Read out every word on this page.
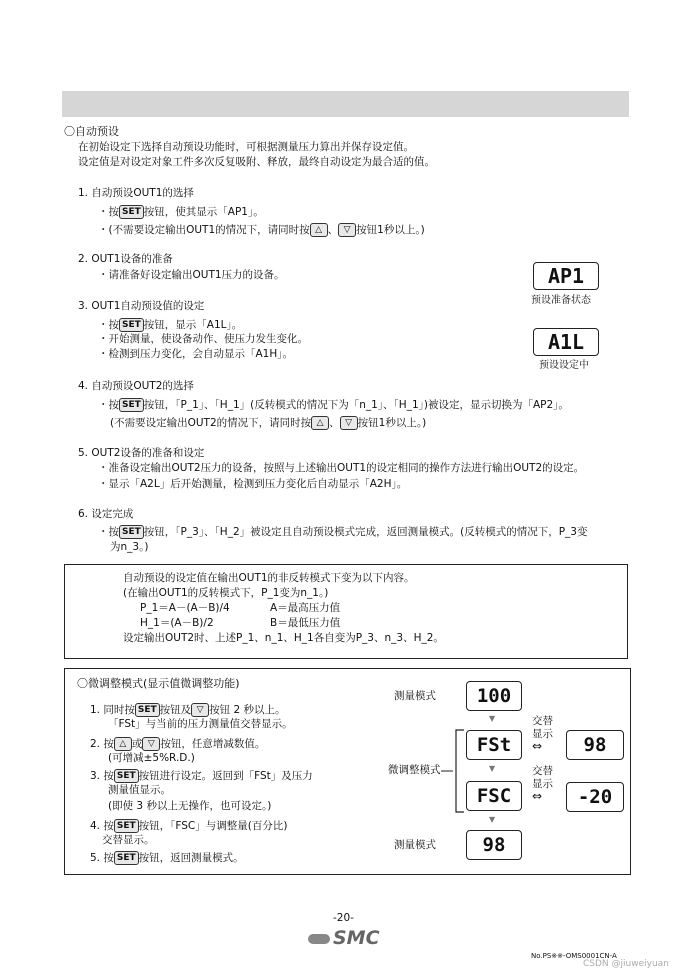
〇自动预设
在初始设定下选择自动预设功能时，可根据测量压力算出并保存设定值。
设定值是对设定对象工件多次反复吸附、释放，最终自动设定为最合适的值。
1. 自动预设OUT1的选择
・按 SET 按钮，使其显示「AP1」。
・(不需要设定输出OUT1的情况下，请同时按 △ 、 ▽ 按钮1秒以上。)
2. OUT1设备的准备
・请准备好设定输出OUT1压力的设备。	AP1
预设准备状态
3. OUT1自动预设值的设定
・按 SET 按钮，显示「A1L」。
・开始测量，使设备动作、使压力发生变化。
・检测到压力变化，会自动显示「A1H」。	A1L
预设设定中
4. 自动预设OUT2的选择
・按 SET 按钮，「P_1」、「H_1」(反转模式的情况下为「n_1」、「H_1」)被设定，显示切换为「AP2」。
(不需要设定输出OUT2的情况下，请同时按 △ 、 ▽ 按钮1秒以上。)
5. OUT2设备的准备和设定
・准备设定输出OUT2压力的设备，按照与上述输出OUT1的设定相同的操作方法进行输出OUT2的设定。
・显示「A2L」后开始测量，检测到压力变化后自动显示「A2H」。
6. 设定完成
・按 SET 按钮，「P_3」、「H_2」被设定且自动预设模式完成，返回测量模式。(反转模式的情况下，P_3变
为n_3。)
自动预设的设定值在输出OUT1的非反转模式下变为以下内容。
(在输出OUT1的反转模式下，P_1变为n_1。)
P_1＝A－(A－B)/4	A＝最高压力值
H_1＝(A－B)/2	B＝最低压力值
设定输出OUT2时、上述P_1、n_1、H_1各自变为P_3、n_3、H_2。
〇微调整模式(显示值微调整功能)
1. 同时按 SET 按钮及 ▽ 按钮 2 秒以上。
「FSt」与当前的压力测量值交替显示。
2. 按 △ 或 ▽ 按钮，任意增减数值。
(可增减±5%R.D.)
3. 按 SET 按钮进行设定。返回到「FSt」及压力
测量值显示。
(即使 3 秒以上无操作，也可设定。)
4. 按 SET 按钮，「FSC」与调整量(百分比)
交替显示。
5. 按 SET 按钮，返回测量模式。
测量模式
微调整模式
测量模式
100
▼
FSt
▼
FSC
▼
98
交替
显示
⇔
交替
显示
⇔
98
-20
-20-
SMC
No.PS※※-OMS0001CN-A
CSDN @jiuweiyuan
